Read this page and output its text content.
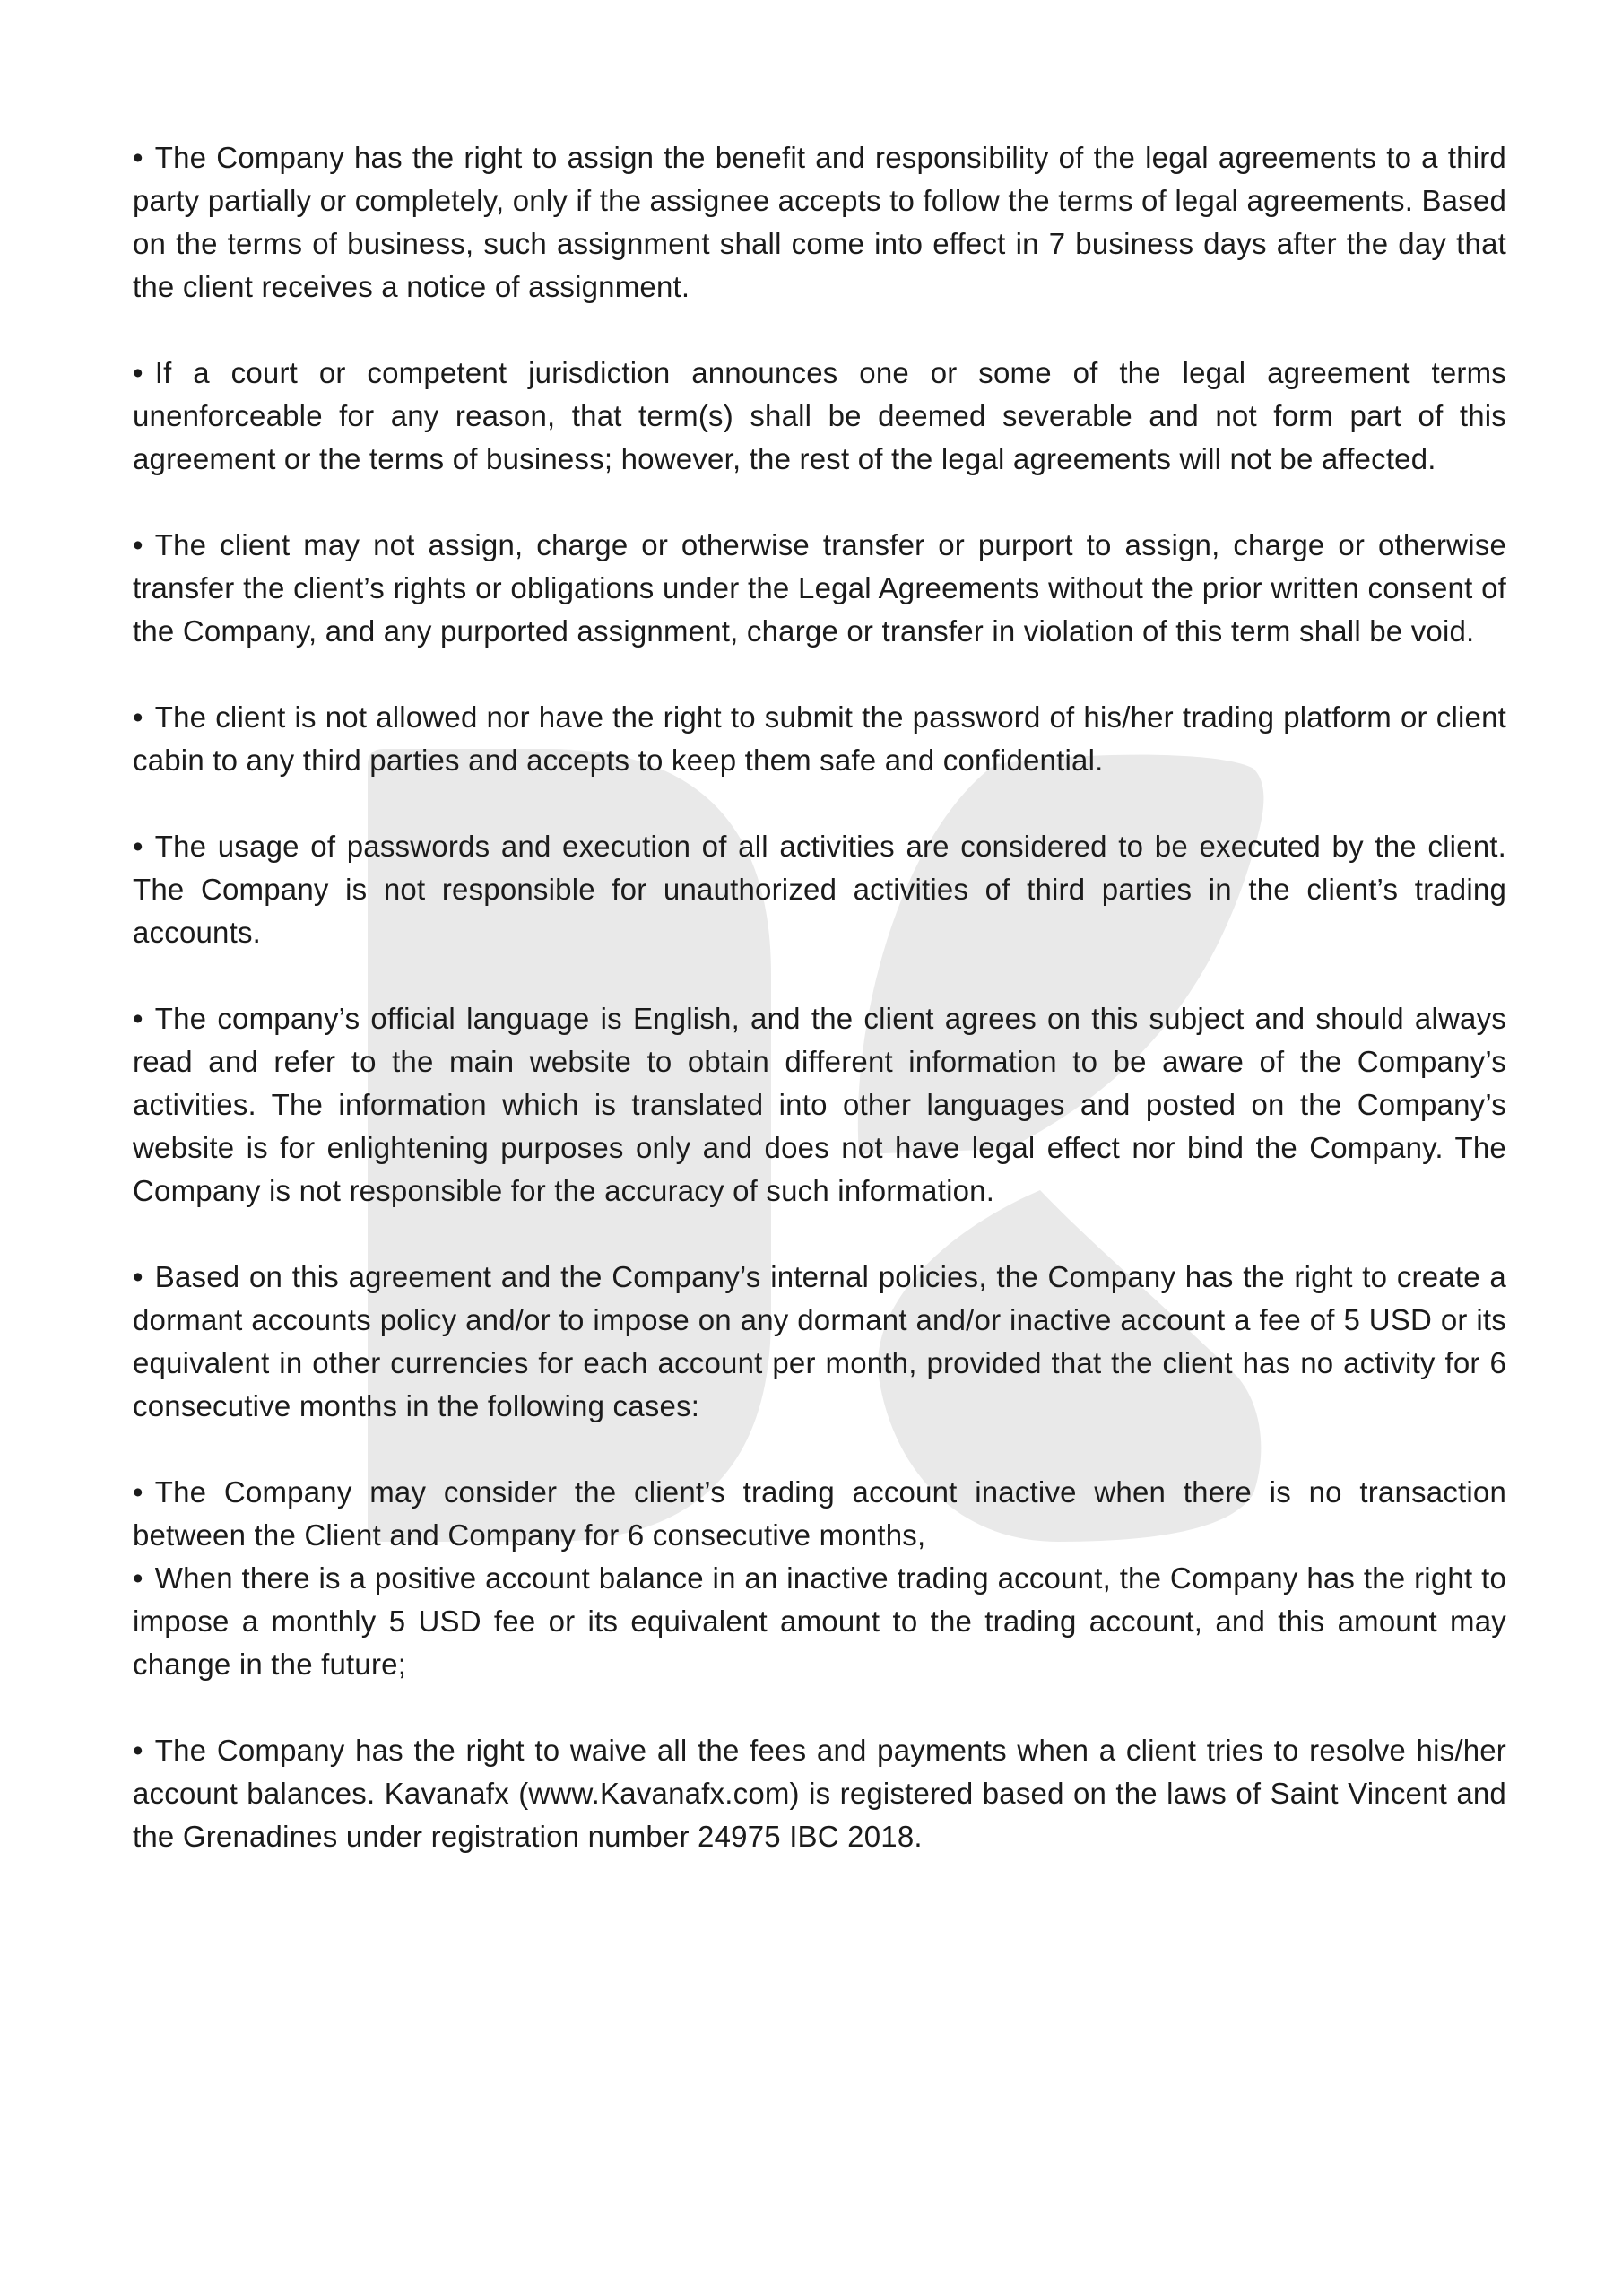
• The Company has the right to assign the benefit and responsibility of the legal agreements to a third party partially or completely, only if the assignee accepts to follow the terms of legal agreements. Based on the terms of business, such assignment shall come into effect in 7 business days after the day that the client receives a notice of assignment.

• If a court or competent jurisdiction announces one or some of the legal agreement terms unenforceable for any reason, that term(s) shall be deemed severable and not form part of this agreement or the terms of business; however, the rest of the legal agreements will not be affected.

• The client may not assign, charge or otherwise transfer or purport to assign, charge or otherwise transfer the client’s rights or obligations under the Legal Agreements without the prior written consent of the Company, and any purported assignment, charge or transfer in violation of this term shall be void.

• The client is not allowed nor have the right to submit the password of his/her trading platform or client cabin to any third parties and accepts to keep them safe and confidential.

• The usage of passwords and execution of all activities are considered to be executed by the client. The Company is not responsible for unauthorized activities of third parties in the client’s trading accounts.

• The company’s official language is English, and the client agrees on this subject and should always read and refer to the main website to obtain different information to be aware of the Company’s activities. The information which is translated into other languages and posted on the Company’s website is for enlightening purposes only and does not have legal effect nor bind the Company. The Company is not responsible for the accuracy of such information.

• Based on this agreement and the Company’s internal policies, the Company has the right to create a dormant accounts policy and/or to impose on any dormant and/or inactive account a fee of 5 USD or its equivalent in other currencies for each account per month, provided that the client has no activity for 6 consecutive months in the following cases:

• The Company may consider the client’s trading account inactive when there is no transaction between the Client and Company for 6 consecutive months,

• When there is a positive account balance in an inactive trading account, the Company has the right to impose a monthly 5 USD fee or its equivalent amount to the trading account, and this amount may change in the future;

• The Company has the right to waive all the fees and payments when a client tries to resolve his/her account balances. Kavanafx (www.Kavanafx.com) is registered based on the laws of Saint Vincent and the Grenadines under registration number 24975 IBC 2018.
